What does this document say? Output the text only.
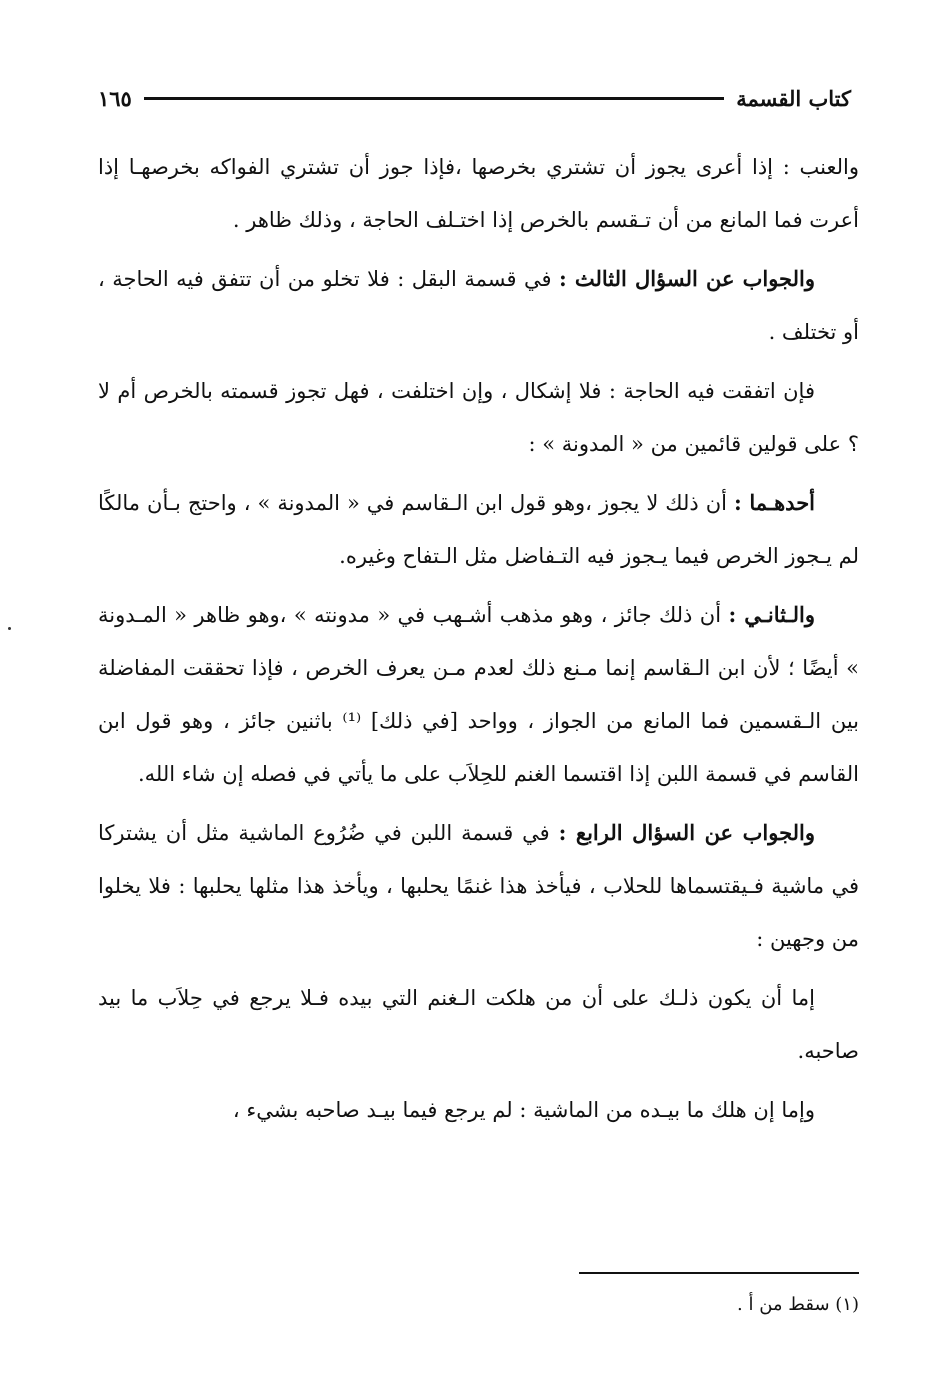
كتاب القسمة
١٦٥

والعنب : إذا أعرى يجوز أن تشتري بخرصها ،فإذا جوز أن تشتري الفواكه بخرصهـا إذا أعرت فما المانع من أن تـقسم بالخرص إذا اختـلف الحاجة ، وذلك ظاهر .

والجواب عن السؤال الثالث : في قسمة البقل : فلا تخلو من أن تتفق فيه الحاجة ، أو تختلف .

فإن اتفقت فيه الحاجة : فلا إشكال ، وإن اختلفت ، فهل تجوز قسمته بالخرص أم لا ؟ على قولين قائمين من « المدونة » :

أحدهـما : أن ذلك لا يجوز ،وهو قول ابن الـقاسم في « المدونة » ، واحتج بـأن مالكًا لم يـجوز الخرص فيما يـجوز فيه التـفاضل مثل الـتفاح وغيره.

والـثانـي : أن ذلك جائز ، وهو مذهب أشـهب في « مدونته » ،وهو ظاهر « المـدونة » أيضًا ؛ لأن ابن الـقاسم إنما مـنع ذلك لعدم مـن يعرف الخرص ، فإذا تحققت المفاضلة بين الـقسمين فما المانع من الجواز ، وواحد [في ذلك] ⁽¹⁾ باثنين جائز ، وهو قول ابن القاسم في قسمة اللبن إذا اقتسما الغنم للحِلاَب على ما يأتي في فصله إن شاء الله.

والجواب عن السؤال الرابع : في قسمة اللبن في ضُرُوع الماشية مثل أن يشتركا في ماشية فـيقتسماها للحلاب ، فيأخذ هذا غنمًا يحلبها ، ويأخذ هذا مثلها يحلبها : فلا يخلوا من وجهين :

إما أن يكون ذلـك على أن من هلكت الـغنم التي بيده فـلا يرجع في حِلاَب ما بيد صاحبه.

وإما إن هلك ما بيـده من الماشية : لم يرجع فيما بيـد صاحبه بشيء ،

(١) سقط من أ .
